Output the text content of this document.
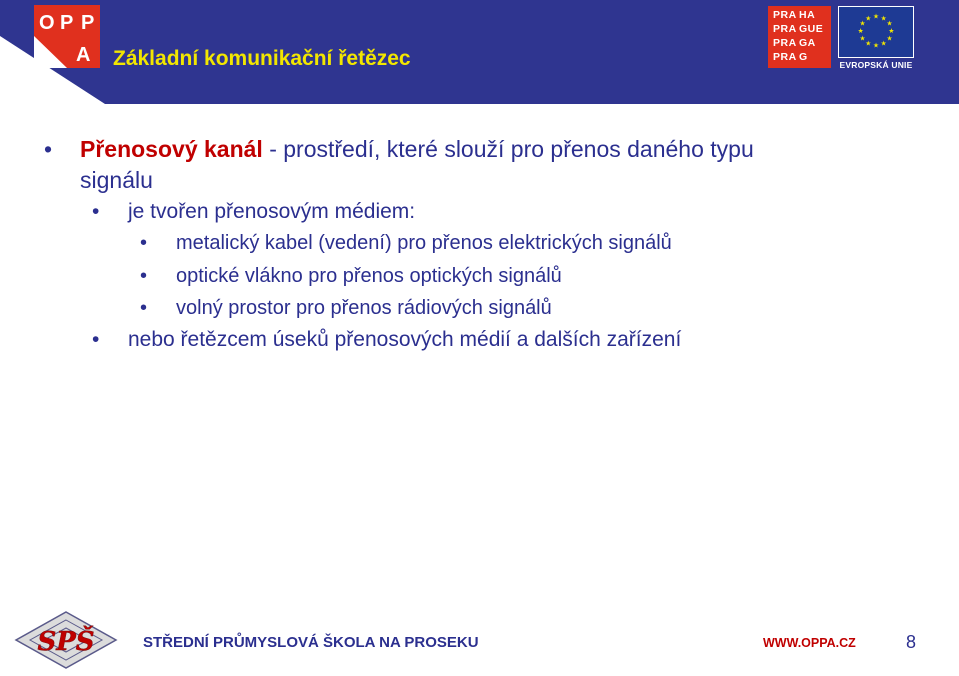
O P P
A Základní komunikační řetězec
PRA HA
PRA GUE
PRA GA
PRA G
★ ★
★
★
★
★
★
★
★
★
★
★
EVROPSKÁ UNIE
• Přenosový kanál - prostředí, které slouží pro přenos daného typu
signálu
• je tvořen přenosovým médiem:
• metalický kabel (vedení) pro přenos elektrických signálů
• optické vlákno pro přenos optických signálů
• volný prostor pro přenos rádiových signálů
• nebo řetězcem úseků přenosových médií a dalších zařízení
SPŠ	STŘEDNÍ PRŮMYSLOVÁ ŠKOLA NA PROSEKU	WWW.OPPA.CZ	8
